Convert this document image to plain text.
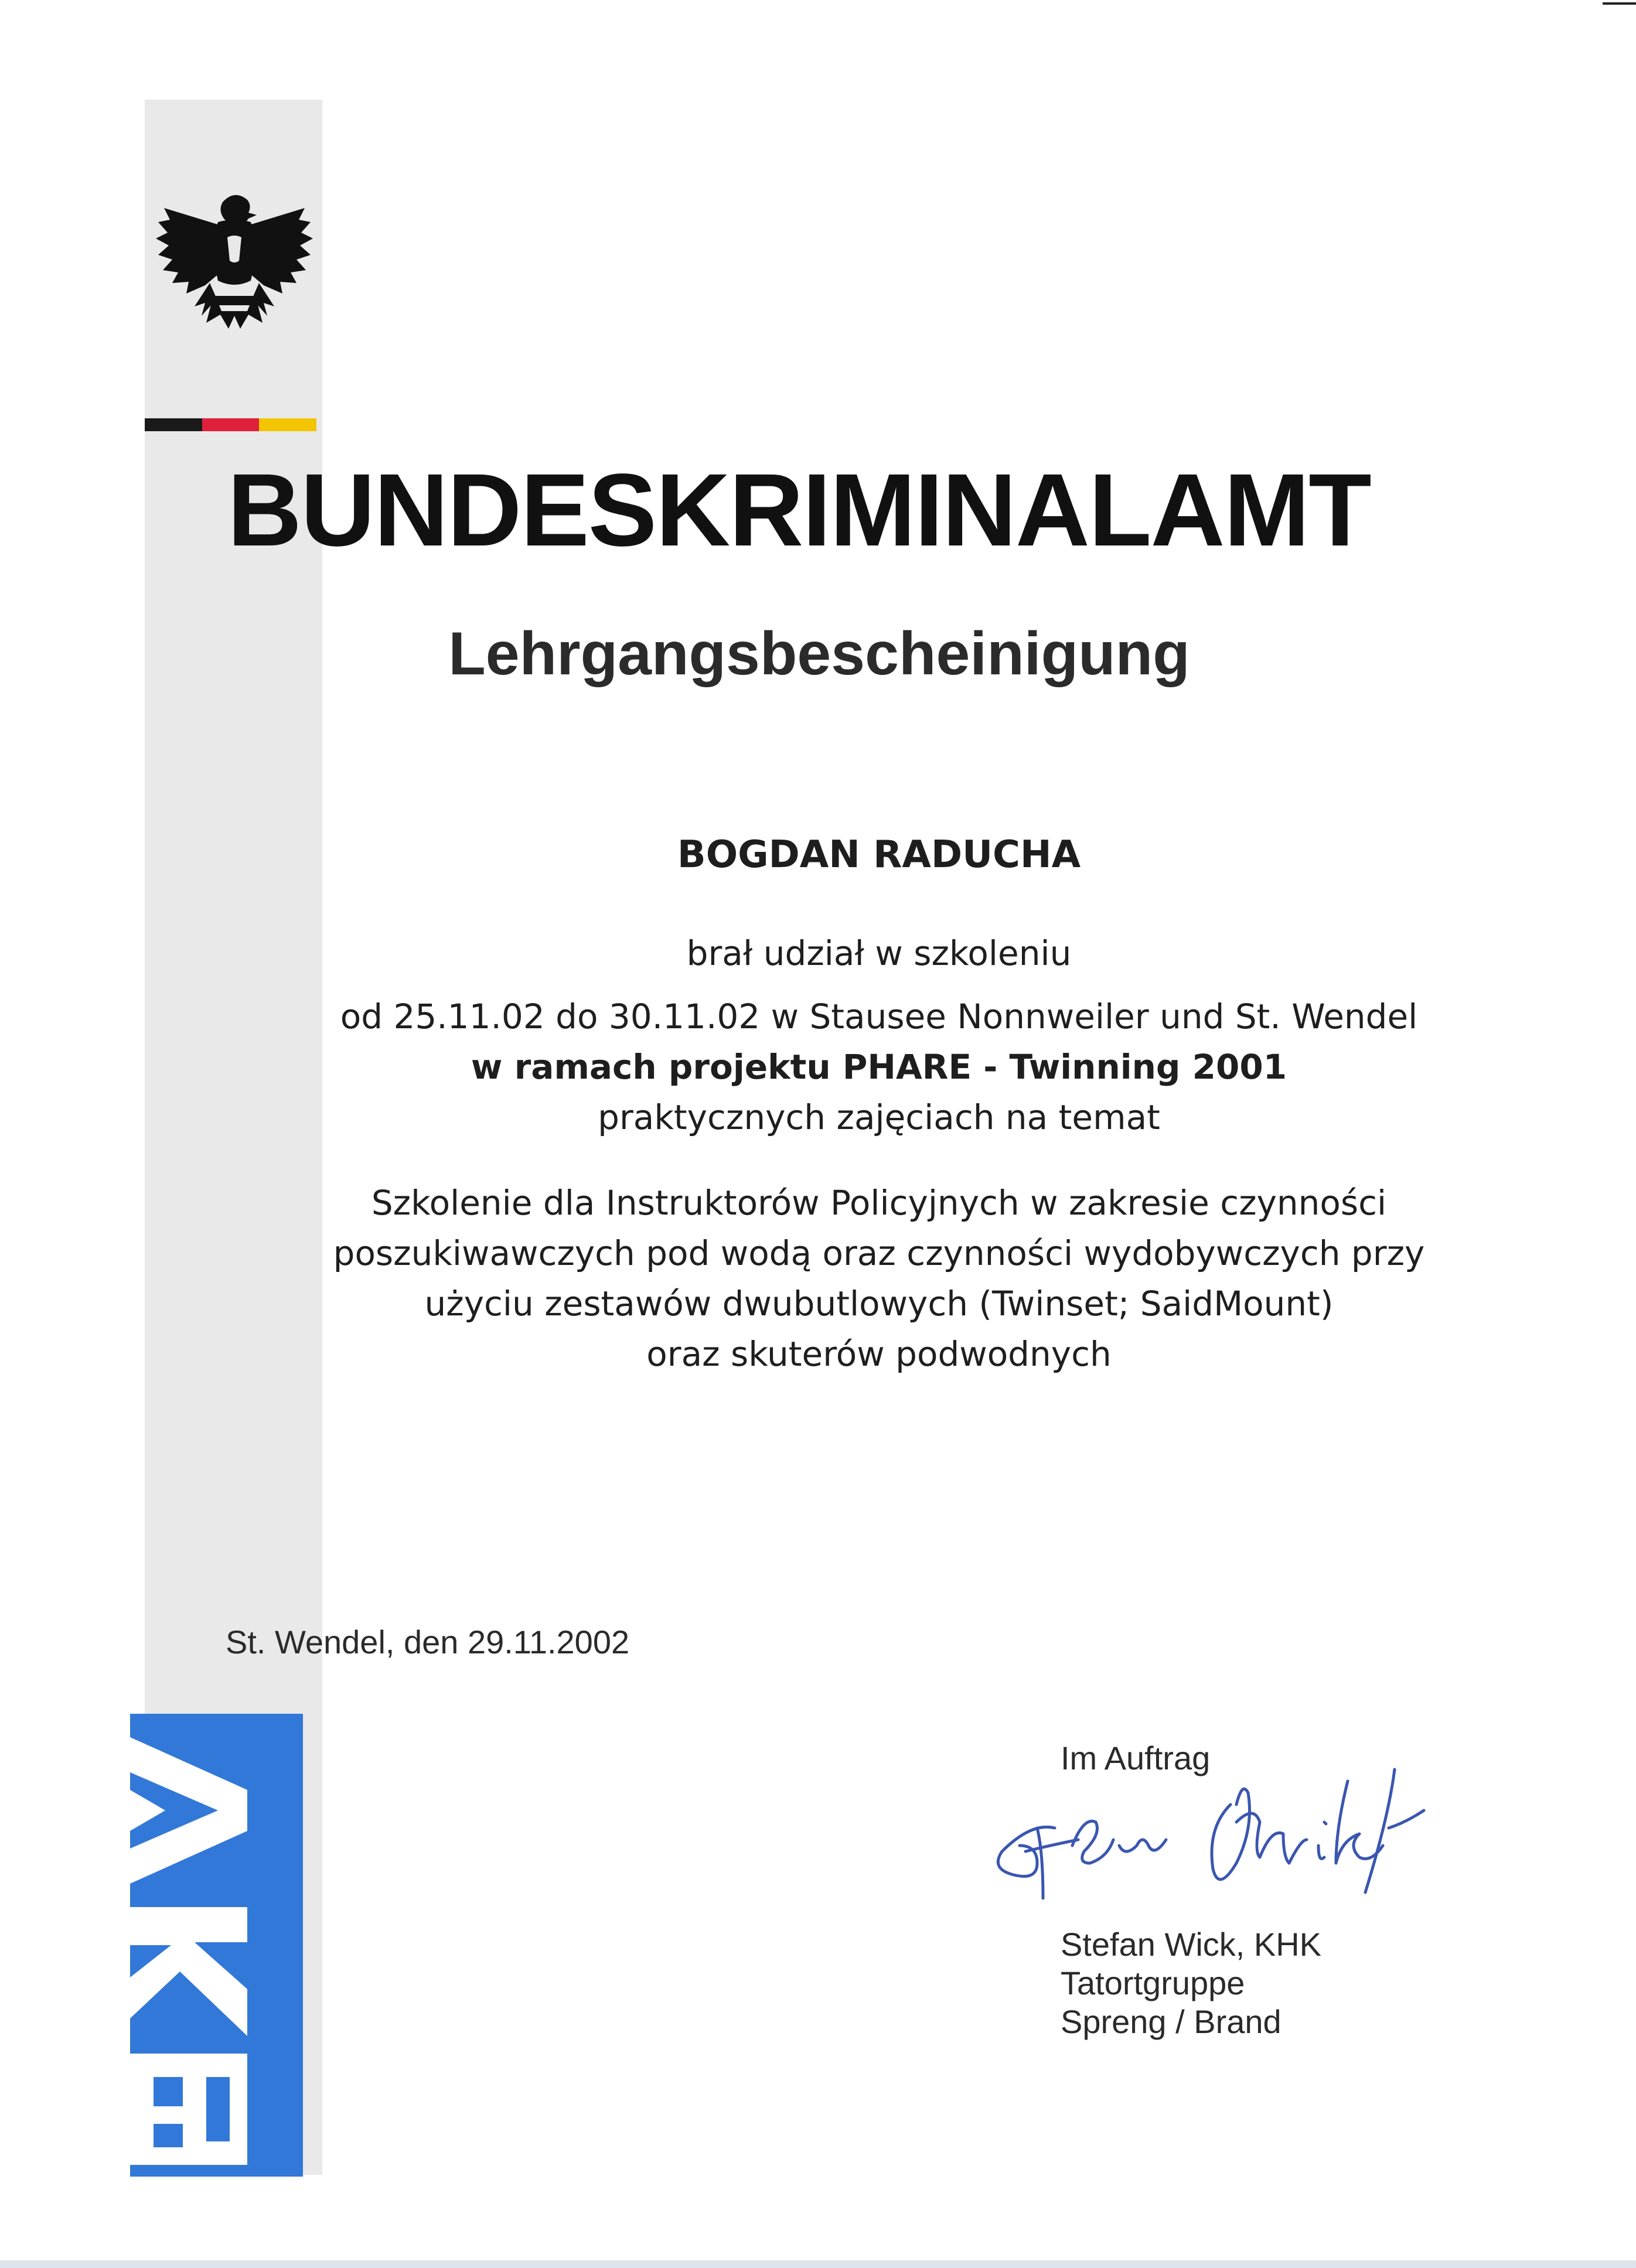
BUNDESKRIMINALAMT
Lehrgangsbescheinigung
BOGDAN RADUCHA
brał udział w szkoleniu
od 25.11.02 do 30.11.02 w Stausee Nonnweiler und St. Wendel
w ramach projektu PHARE - Twinning 2001
praktycznych zajęciach na temat
Szkolenie dla Instruktorów Policyjnych w zakresie czynności
poszukiwawczych pod wodą oraz czynności wydobywczych przy
użyciu zestawów dwubutlowych (Twinset; SaidMount)
oraz skuterów podwodnych
St. Wendel, den 29.11.2002
Im Auftrag
Stefan Wick, KHK
Tatortgruppe
Spreng / Brand
